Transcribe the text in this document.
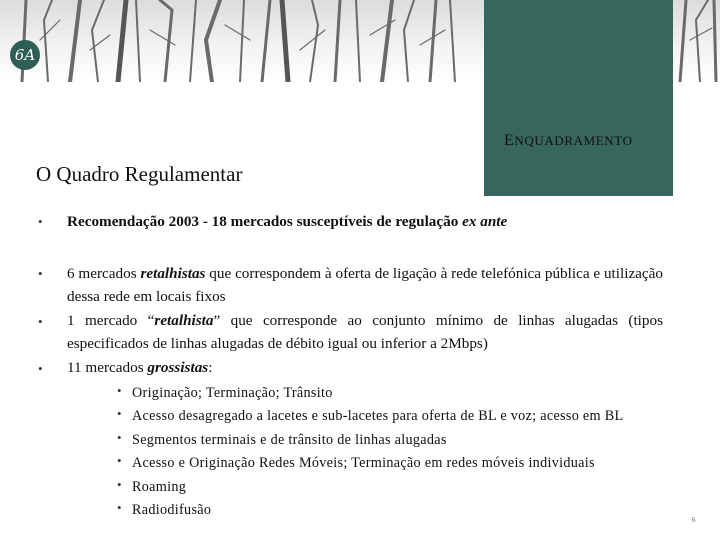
6A
ENQUADRAMENTO
O Quadro Regulamentar
• Recomendação 2003 - 18 mercados susceptíveis de regulação ex ante
• 6 mercados retalhistas que correspondem à oferta de ligação à rede telefónica pública e utilização dessa rede em locais fixos
• 1 mercado “retalhista” que corresponde ao conjunto mínimo de linhas alugadas (tipos especificados de linhas alugadas de débito igual ou inferior a 2Mbps)
• 11 mercados grossistas:
• Originação; Terminação; Trânsito
• Acesso desagregado a lacetes e sub-lacetes para oferta de BL e voz; acesso em BL
• Segmentos terminais e de trânsito de linhas alugadas
• Acesso e Originação Redes Móveis; Terminação em redes móveis individuais
• Roaming
• Radiodifusão
6
